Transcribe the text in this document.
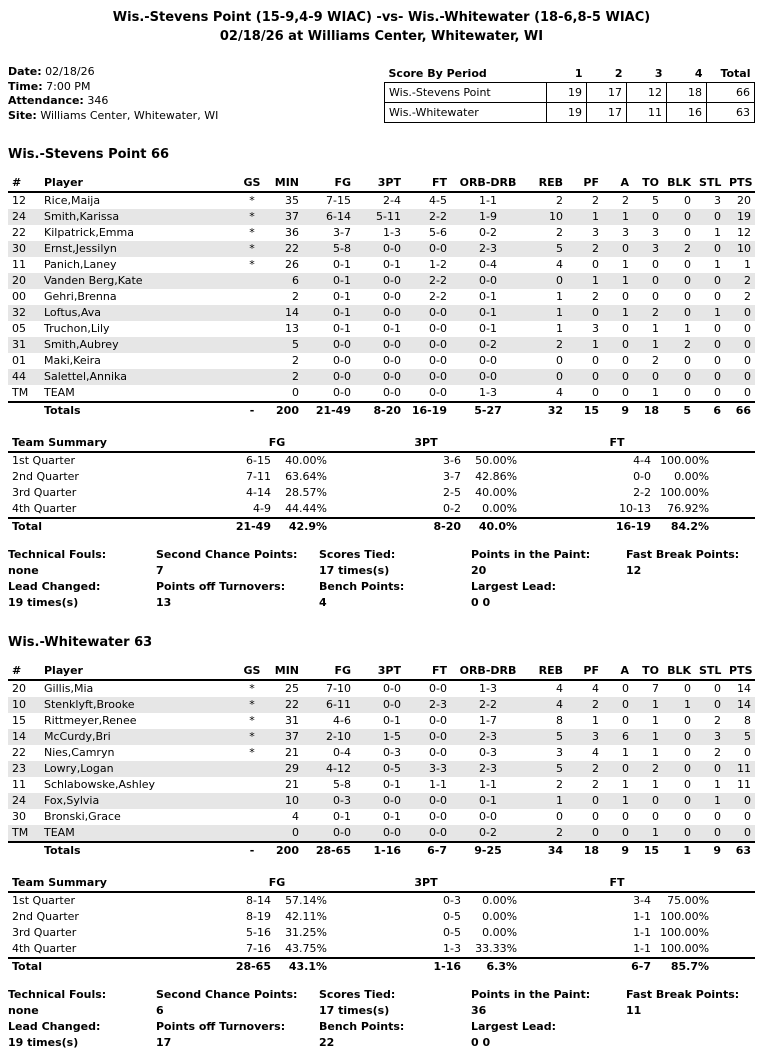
Wis.-Stevens Point (15-9,4-9 WIAC) -vs- Wis.-Whitewater (18-6,8-5 WIAC)
02/18/26 at Williams Center, Whitewater, WI
Date: 02/18/26
Time: 7:00 PM
Attendance: 346
Site: Williams Center, Whitewater, WI
Score By Period	1	2	3	4	Total
Wis.-Stevens Point	19	17	12	18	66
Wis.-Whitewater	19	17	11	16	63
Wis.-Stevens Point 66
#	Player	GS	MIN	FG	3PT	FT	ORB-DRB	REB	PF	A	TO	BLK	STL	PTS
12	Rice,Maija	*	35	7-15	2-4	4-5	1-1	2	2	2	5	0	3	20
24	Smith,Karissa	*	37	6-14	5-11	2-2	1-9	10	1	1	0	0	0	19
22	Kilpatrick,Emma	*	36	3-7	1-3	5-6	0-2	2	3	3	3	0	1	12
30	Ernst,Jessilyn	*	22	5-8	0-0	0-0	2-3	5	2	0	3	2	0	10
11	Panich,Laney	*	26	0-1	0-1	1-2	0-4	4	0	1	0	0	1	1
20	Vanden Berg,Kate		6	0-1	0-0	2-2	0-0	0	1	1	0	0	0	2
00	Gehri,Brenna		2	0-1	0-0	2-2	0-1	1	2	0	0	0	0	2
32	Loftus,Ava		14	0-1	0-0	0-0	0-1	1	0	1	2	0	1	0
05	Truchon,Lily		13	0-1	0-1	0-0	0-1	1	3	0	1	1	0	0
31	Smith,Aubrey		5	0-0	0-0	0-0	0-2	2	1	0	1	2	0	0
01	Maki,Keira		2	0-0	0-0	0-0	0-0	0	0	0	2	0	0	0
44	Salettel,Annika		2	0-0	0-0	0-0	0-0	0	0	0	0	0	0	0
TM	TEAM		0	0-0	0-0	0-0	1-3	4	0	0	1	0	0	0
	Totals	-	200	21-49	8-20	16-19	5-27	32	15	9	18	5	6	66
Team Summary	FG		3PT		FT		
1st Quarter	6-15	40.00%	3-6	50.00%	4-4	100.00%	
2nd Quarter	7-11	63.64%	3-7	42.86%	0-0	0.00%	
3rd Quarter	4-14	28.57%	2-5	40.00%	2-2	100.00%	
4th Quarter	4-9	44.44%	0-2	0.00%	10-13	76.92%	
Total	21-49	42.9%	8-20	40.0%	16-19	84.2%	
Technical Fouls:
none
Second Chance Points:
7
Scores Tied:
17 times(s)
Points in the Paint:
20
Fast Break Points:
12
Lead Changed:
19 times(s)
Points off Turnovers:
13
Bench Points:
4
Largest Lead:
0 0
Wis.-Whitewater 63
#	Player	GS	MIN	FG	3PT	FT	ORB-DRB	REB	PF	A	TO	BLK	STL	PTS
20	Gillis,Mia	*	25	7-10	0-0	0-0	1-3	4	4	0	7	0	0	14
10	Stenklyft,Brooke	*	22	6-11	0-0	2-3	2-2	4	2	0	1	1	0	14
15	Rittmeyer,Renee	*	31	4-6	0-1	0-0	1-7	8	1	0	1	0	2	8
14	McCurdy,Bri	*	37	2-10	1-5	0-0	2-3	5	3	6	1	0	3	5
22	Nies,Camryn	*	21	0-4	0-3	0-0	0-3	3	4	1	1	0	2	0
23	Lowry,Logan		29	4-12	0-5	3-3	2-3	5	2	0	2	0	0	11
11	Schlabowske,Ashley		21	5-8	0-1	1-1	1-1	2	2	1	1	0	1	11
24	Fox,Sylvia		10	0-3	0-0	0-0	0-1	1	0	1	0	0	1	0
30	Bronski,Grace		4	0-1	0-1	0-0	0-0	0	0	0	0	0	0	0
TM	TEAM		0	0-0	0-0	0-0	0-2	2	0	0	1	0	0	0
	Totals	-	200	28-65	1-16	6-7	9-25	34	18	9	15	1	9	63
Team Summary	FG		3PT		FT		
1st Quarter	8-14	57.14%	0-3	0.00%	3-4	75.00%	
2nd Quarter	8-19	42.11%	0-5	0.00%	1-1	100.00%	
3rd Quarter	5-16	31.25%	0-5	0.00%	1-1	100.00%	
4th Quarter	7-16	43.75%	1-3	33.33%	1-1	100.00%	
Total	28-65	43.1%	1-16	6.3%	6-7	85.7%	
Technical Fouls:
none
Second Chance Points:
6
Scores Tied:
17 times(s)
Points in the Paint:
36
Fast Break Points:
11
Lead Changed:
19 times(s)
Points off Turnovers:
17
Bench Points:
22
Largest Lead:
0 0
